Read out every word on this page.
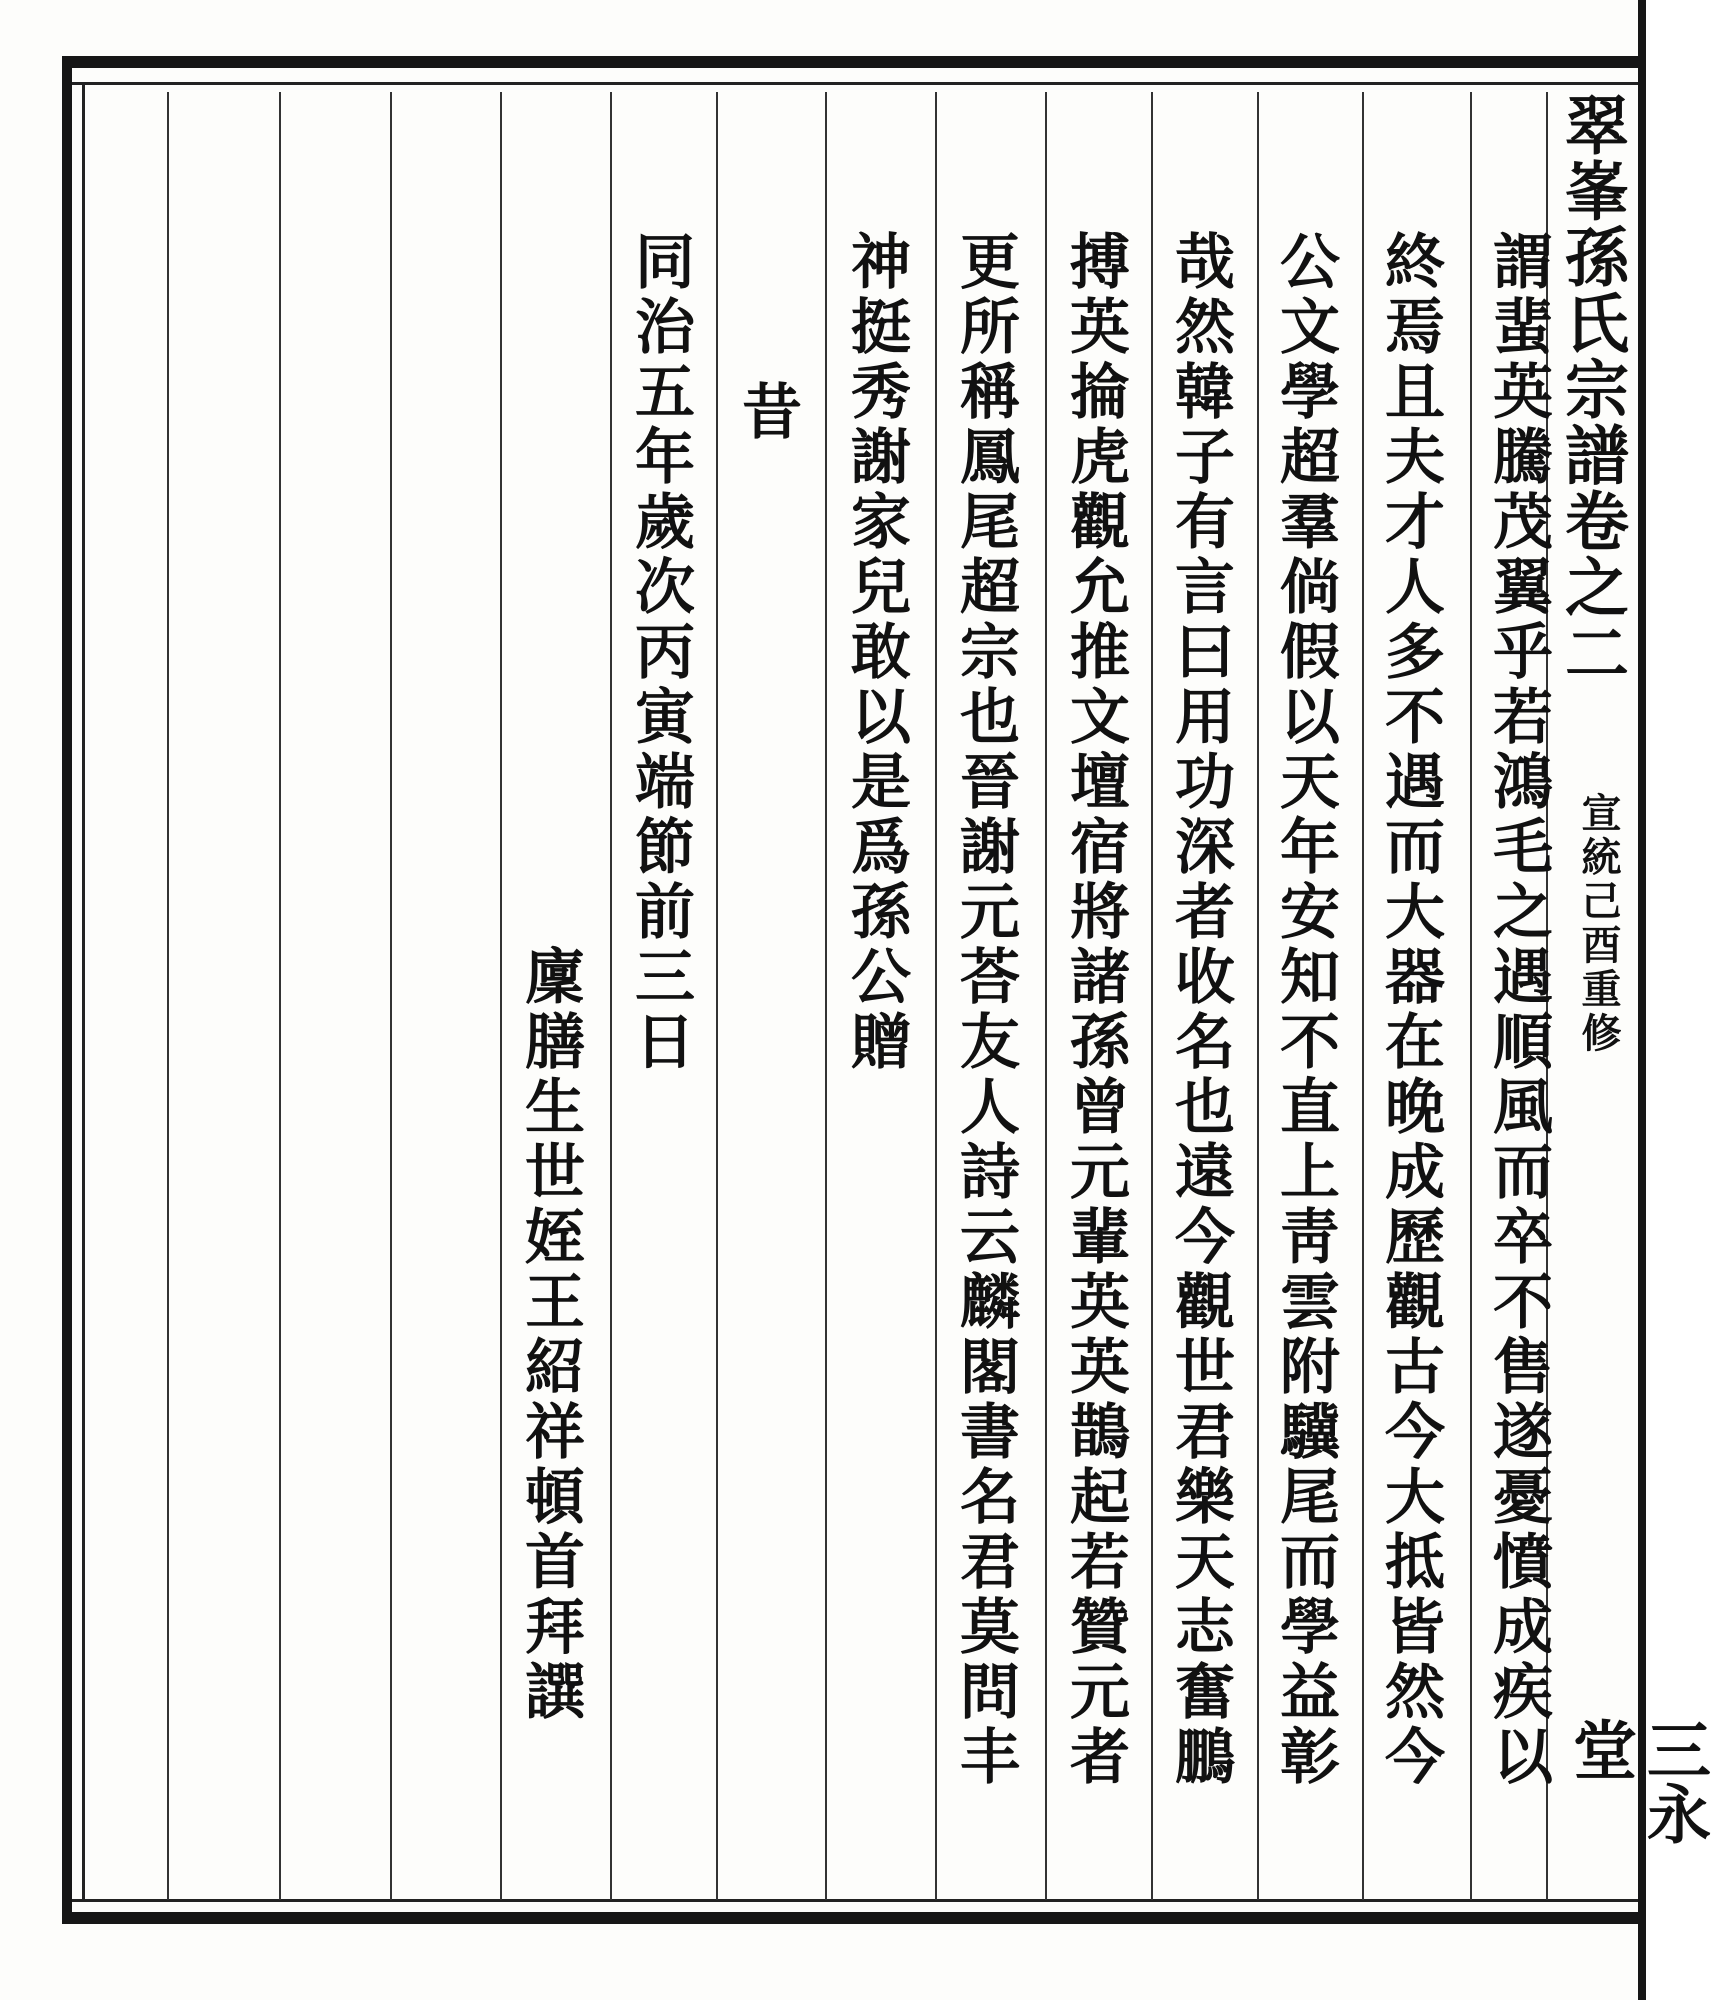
翠峯孫氏宗譜卷之二
宣統己酉重修
三永堂
謂蜚英騰茂翼乎若鴻毛之遇順風而卒不售遂憂憤成疾以
終焉且夫才人多不遇而大器在晚成歷觀古今大抵皆然今
公文學超羣倘假以天年安知不直上靑雲附驥尾而學益彰
哉然韓子有言曰用功深者收名也遠今觀世君樂天志奮鵬
搏英掄虎觀允推文壇宿將諸孫曾元輩英英鵲起若贊元者
更所稱鳳尾超宗也晉謝元荅友人詩云麟閣書名君莫問丰
神挺秀謝家兒敢以是爲孫公贈
昔
同治五年歲次丙寅端節前三日
廩膳生世姪王紹祥頓首拜譔
